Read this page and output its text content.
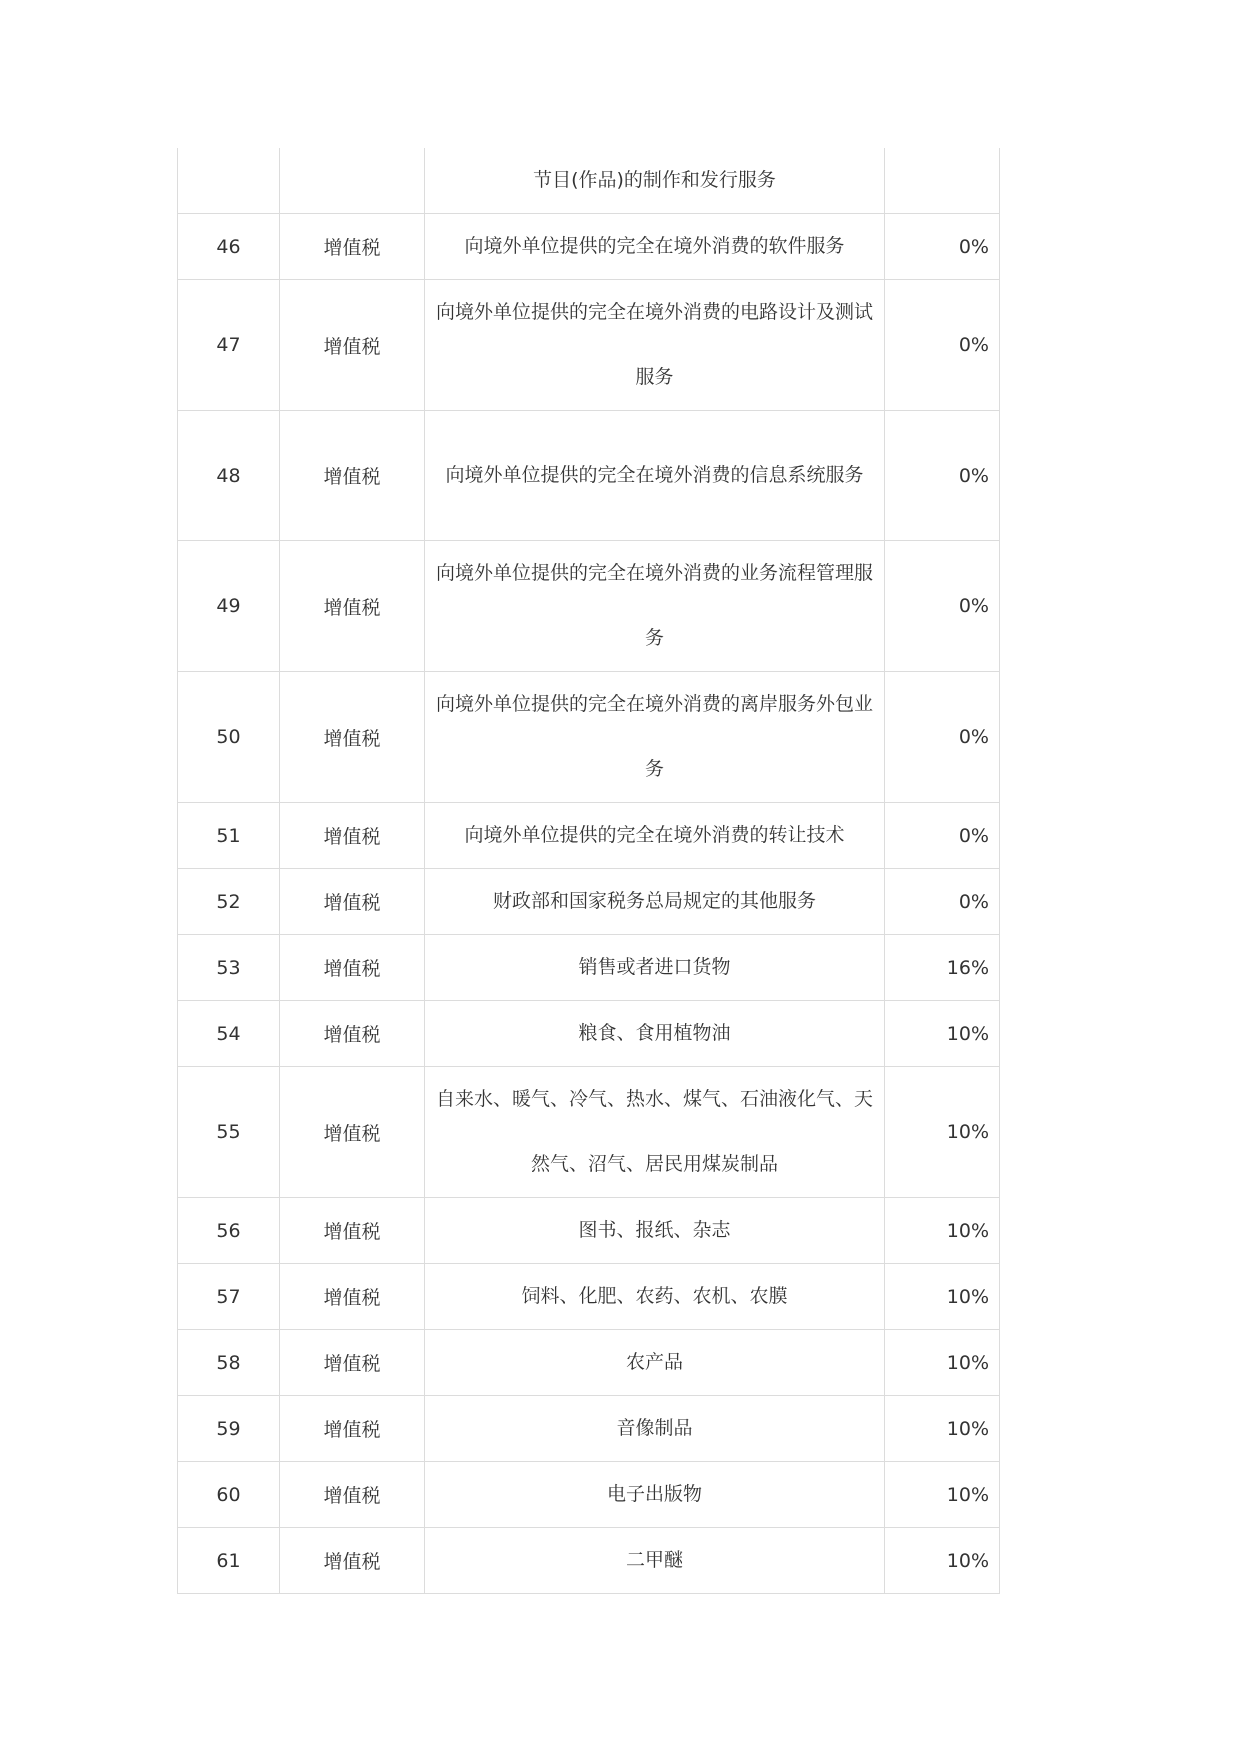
		节目(作品)的制作和发行服务	
46	增值税	向境外单位提供的完全在境外消费的软件服务	0%
47	增值税	向境外单位提供的完全在境外消费的电路设计及测试服务	0%
48	增值税	向境外单位提供的完全在境外消费的信息系统服务	0%
49	增值税	向境外单位提供的完全在境外消费的业务流程管理服务	0%
50	增值税	向境外单位提供的完全在境外消费的离岸服务外包业务	0%
51	增值税	向境外单位提供的完全在境外消费的转让技术	0%
52	增值税	财政部和国家税务总局规定的其他服务	0%
53	增值税	销售或者进口货物	16%
54	增值税	粮食、食用植物油	10%
55	增值税	自来水、暖气、冷气、热水、煤气、石油液化气、天然气、沼气、居民用煤炭制品	10%
56	增值税	图书、报纸、杂志	10%
57	增值税	饲料、化肥、农药、农机、农膜	10%
58	增值税	农产品	10%
59	增值税	音像制品	10%
60	增值税	电子出版物	10%
61	增值税	二甲醚	10%
